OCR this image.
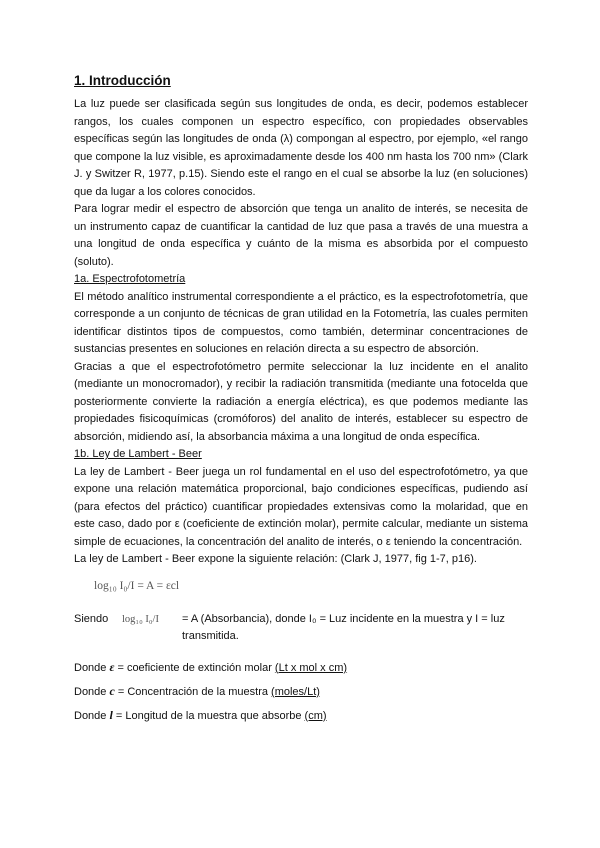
1. Introducción

La luz puede ser clasificada según sus longitudes de onda, es decir, podemos establecer rangos, los cuales componen un espectro específico, con propiedades observables específicas según las longitudes de onda (λ) compongan al espectro, por ejemplo, «el rango que compone la luz visible, es aproximadamente desde los 400 nm hasta los 700 nm» (Clark J. y Switzer R, 1977, p.15). Siendo este el rango en el cual se absorbe la luz (en soluciones) que da lugar a los colores conocidos.

Para lograr medir el espectro de absorción que tenga un analito de interés, se necesita de un instrumento capaz de cuantificar la cantidad de luz que pasa a través de una muestra a una longitud de onda específica y cuánto de la misma es absorbida por el compuesto (soluto).

1a. Espectrofotometría

El método analítico instrumental correspondiente a el práctico, es la espectrofotometría, que corresponde a un conjunto de técnicas de gran utilidad en la Fotometría, las cuales permiten identificar distintos tipos de compuestos, como también, determinar concentraciones de sustancias presentes en soluciones en relación directa a su espectro de absorción.

Gracias a que el espectrofotómetro permite seleccionar la luz incidente en el analito (mediante un monocromador), y recibir la radiación transmitida (mediante una fotocelda que posteriormente convierte la radiación a energía eléctrica), es que podemos mediante las propiedades fisicoquímicas (cromóforos) del analito de interés, establecer su espectro de absorción, midiendo así, la absorbancia máxima a una longitud de onda específica.

1b. Ley de Lambert - Beer

La ley de Lambert - Beer juega un rol fundamental en el uso del espectrofotómetro, ya que expone una relación matemática proporcional, bajo condiciones específicas, pudiendo así (para efectos del práctico) cuantificar propiedades extensivas como la molaridad, que en este caso, dado por ε (coeficiente de extinción molar), permite calcular, mediante un sistema simple de ecuaciones, la concentración del analito de interés, o ε teniendo la concentración.

La ley de Lambert - Beer expone la siguiente relación: (Clark J, 1977, fig 1-7, p16).

log₁₀ I₀/I = A = εcl
Siendo log₁₀ I₀/I = A (Absorbancia), donde I₀ = Luz incidente en la muestra y I = luz transmitida.
Donde ε = coeficiente de extinción molar (Lt x mol x cm)
Donde c = Concentración de la muestra (moles/Lt)
Donde l = Longitud de la muestra que absorbe (cm)
